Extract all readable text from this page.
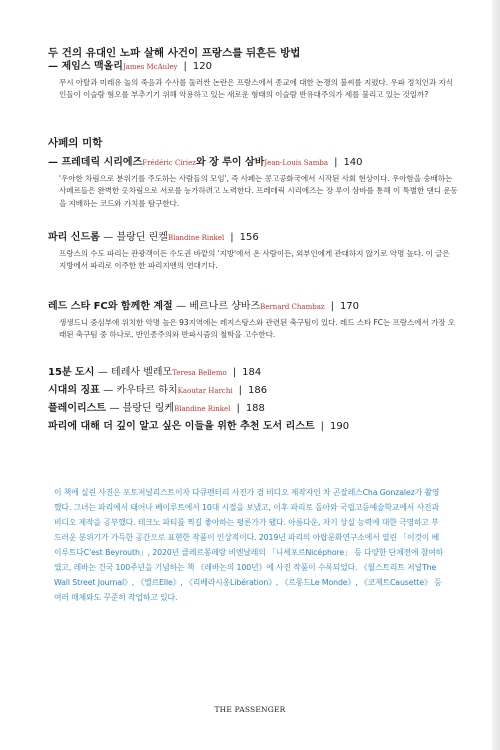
두 건의 유대인 노파 살해 사건이 프랑스를 뒤흔든 방법
— 제임스 맥올리James McAuley | 120
무시 아탈과 미레유 놀의 죽음과 수사를 둘러싼 논란은 프랑스에서 종교에 대한 논쟁의 불씨를 지폈다. 우파 정치인과 지식인들이 이슬람 혐오를 부추기기 위해 악용하고 있는 새로운 형태의 이슬람 반유대주의가 세를 불리고 있는 것일까?
사페의 미학
— 프레데릭 시리에즈Frédéric Ciriez와 장 루이 삼바Jean-Louis Samba | 140
'우아한 차림으로 분위기를 주도하는 사람들의 모임', 즉 사페는 콩고공화국에서 시작된 사회 현상이다. 우아함을 숭배하는 사페르들은 완벽한 옷차림으로 서로를 능가하려고 노력한다. 프레데릭 시리에즈는 장 루이 삼바를 통해 이 특별한 댄디 운동을 지배하는 코드와 가치를 탐구한다.
파리 신드롬 — 블랑딘 린켈Blandine Rinkel | 156
프랑스의 수도 파리는 관광객이든 수도권 바깥의 '지방'에서 온 사람이든, 외부인에게 관대하지 않기로 악명 높다. 이 글은 지방에서 파리로 이주한 한 파리지엔의 연대기다.
레드 스타 FC와 함께한 계절 — 베르나르 샹바즈Bernard Chambaz | 170
생생드니 중심부에 위치한 악명 높은 93지역에는 레지스탕스와 관련된 축구팀이 있다. 레드 스타 FC는 프랑스에서 가장 오래된 축구팀 중 하나로, 반인종주의와 반파시즘의 철학을 고수한다.
15분 도시 — 테레사 벨레모Teresa Bellemo | 184
시대의 징표 — 카우타르 하치Kaoutar Harchi | 186
플레이리스트 — 블랑딘 링케Blandine Rinkel | 188
파리에 대해 더 깊이 알고 싶은 이들을 위한 추천 도서 리스트 | 190
이 책에 실린 사진은 포토저널리스트이자 다큐멘터리 사진가 겸 비디오 제작자인 차 곤잘레스Cha Gonzalez가 촬영했다. 그녀는 파리에서 태어나 베이루트에서 10대 시절을 보냈고, 이후 파리로 돌아와 국립고등예술학교에서 사진과 비디오 제작을 공부했다. 테크노 파티를 찍길 좋아하는 평론가가 됐다. 아름다운, 자기 상실 능력에 대한 극명하고 부드러운 분위기가 가득한 공간으로 표현한 작품이 인상적이다. 2019년 파리의 아랍문화연구소에서 열린 「이것이 베이루트다C'est Beyrouth」, 2020년 클레르몽페랑 비엔날레의 「니세포르Nicéphore」 등 다양한 단체전에 참여하였고, 레바논 건국 100주년을 기념하는 책 《레바논의 100년》에 사진 작품이 수록되었다. 《월스트리트 저널The Wall Street Journal》, 《엘르Elle》, 《리베라시옹Libération》, 《르몽드Le Monde》, 《코제트Causette》 등 여러 매체와도 꾸준히 작업하고 있다.
THE PASSENGER
